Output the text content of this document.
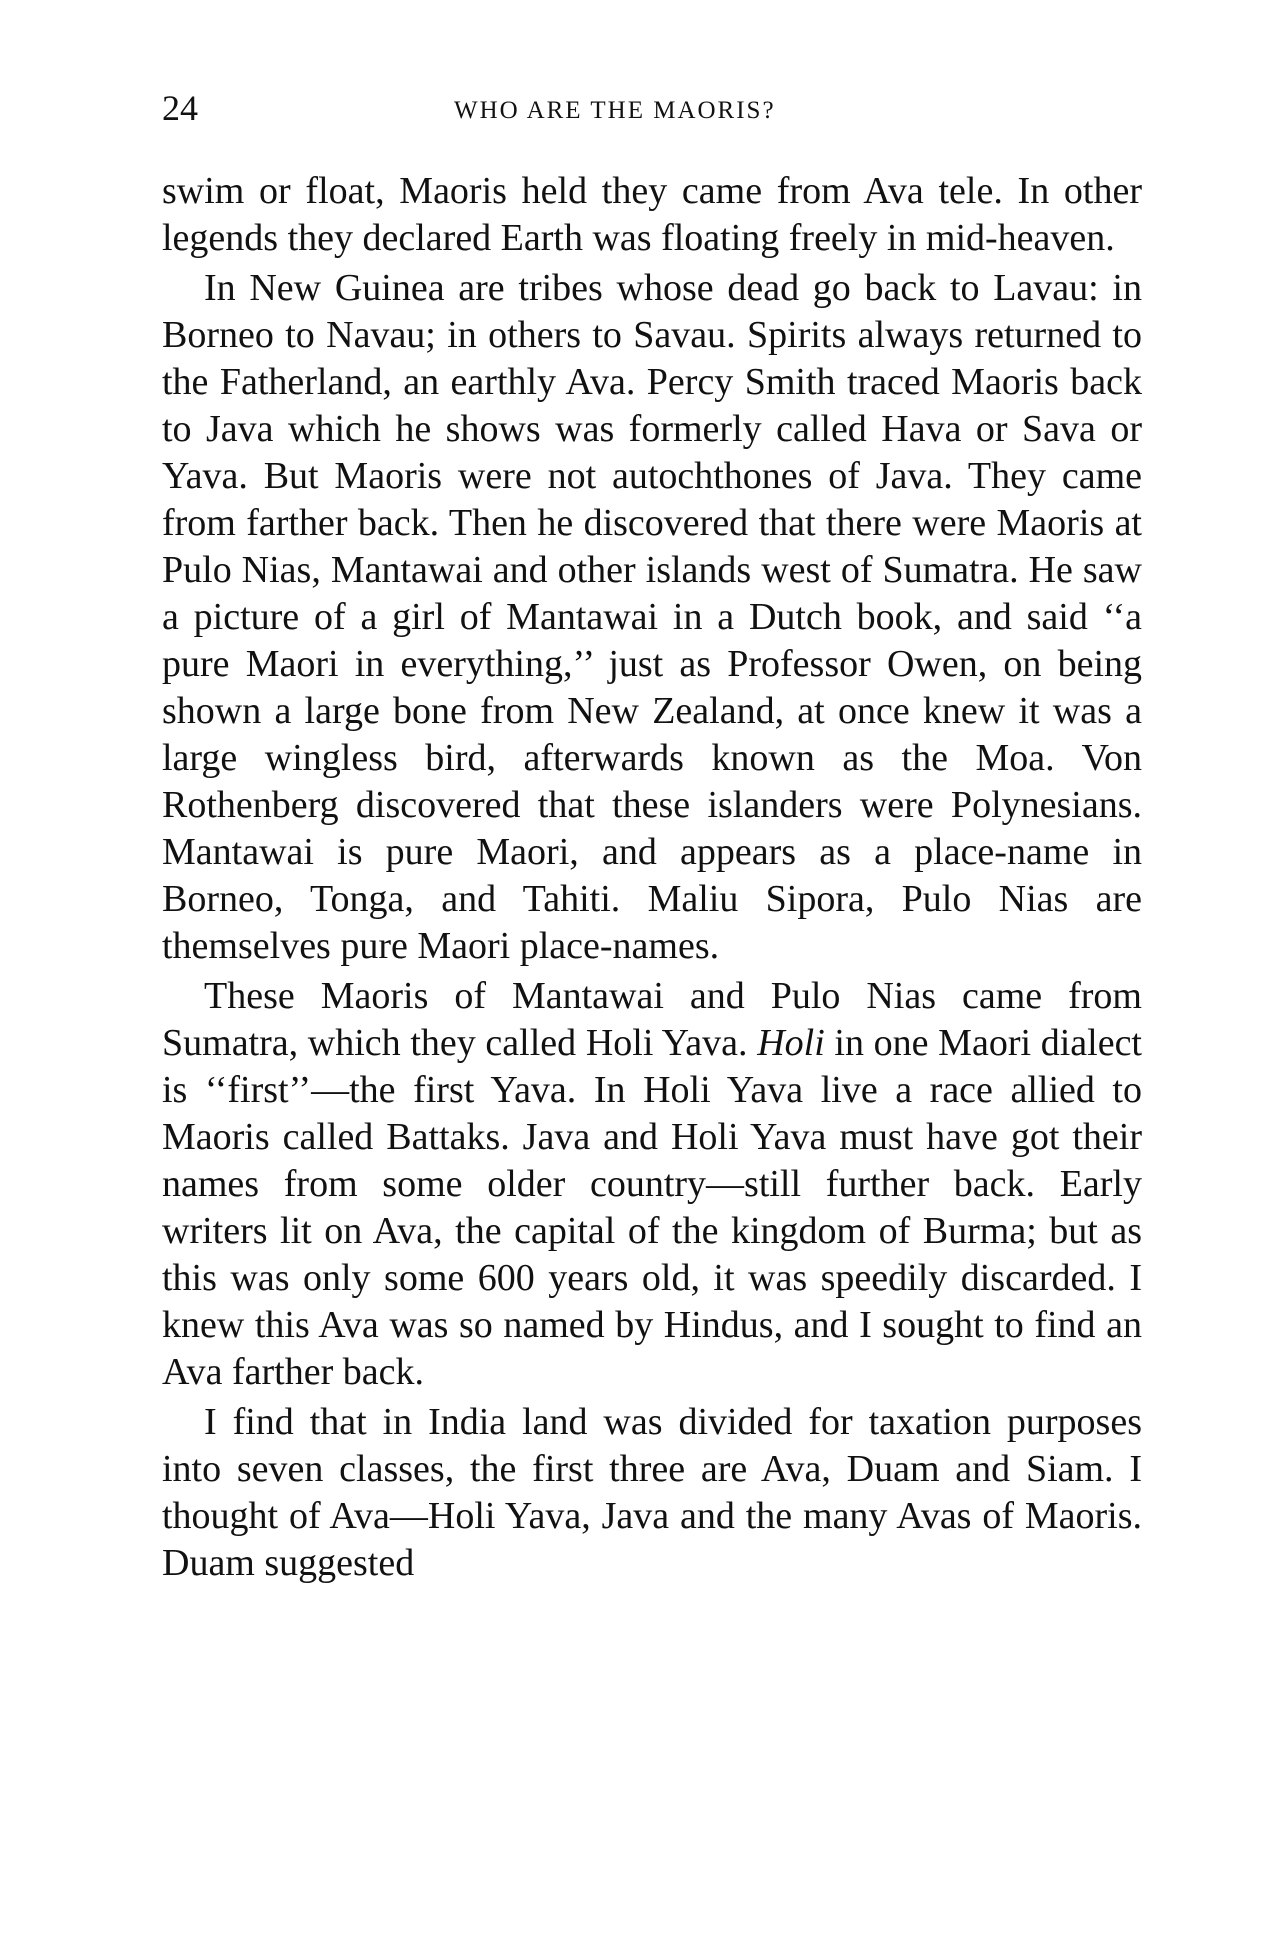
24	WHO ARE THE MAORIS?

swim or float, Maoris held they came from Ava tele. In other legends they declared Earth was floating freely in mid-heaven.

In New Guinea are tribes whose dead go back to Lavau: in Borneo to Navau; in others to Savau. Spirits always returned to the Fatherland, an earthly Ava. Percy Smith traced Maoris back to Java which he shows was formerly called Hava or Sava or Yava. But Maoris were not autochthones of Java. They came from farther back. Then he discovered that there were Maoris at Pulo Nias, Mantawai and other islands west of Sumatra. He saw a picture of a girl of Mantawai in a Dutch book, and said ‘‘a pure Maori in everything,’’ just as Professor Owen, on being shown a large bone from New Zealand, at once knew it was a large wingless bird, afterwards known as the Moa. Von Rothenberg discovered that these islanders were Polynesians. Mantawai is pure Maori, and appears as a place-name in Borneo, Tonga, and Tahiti. Maliu Sipora, Pulo Nias are themselves pure Maori place-names.

These Maoris of Mantawai and Pulo Nias came from Sumatra, which they called Holi Yava. Holi in one Maori dialect is ‘‘first’’—the first Yava. In Holi Yava live a race allied to Maoris called Battaks. Java and Holi Yava must have got their names from some older country—still further back. Early writers lit on Ava, the capital of the kingdom of Burma; but as this was only some 600 years old, it was speedily discarded. I knew this Ava was so named by Hindus, and I sought to find an Ava farther back.

I find that in India land was divided for taxation purposes into seven classes, the first three are Ava, Duam and Siam. I thought of Ava—Holi Yava, Java and the many Avas of Maoris. Duam suggested
